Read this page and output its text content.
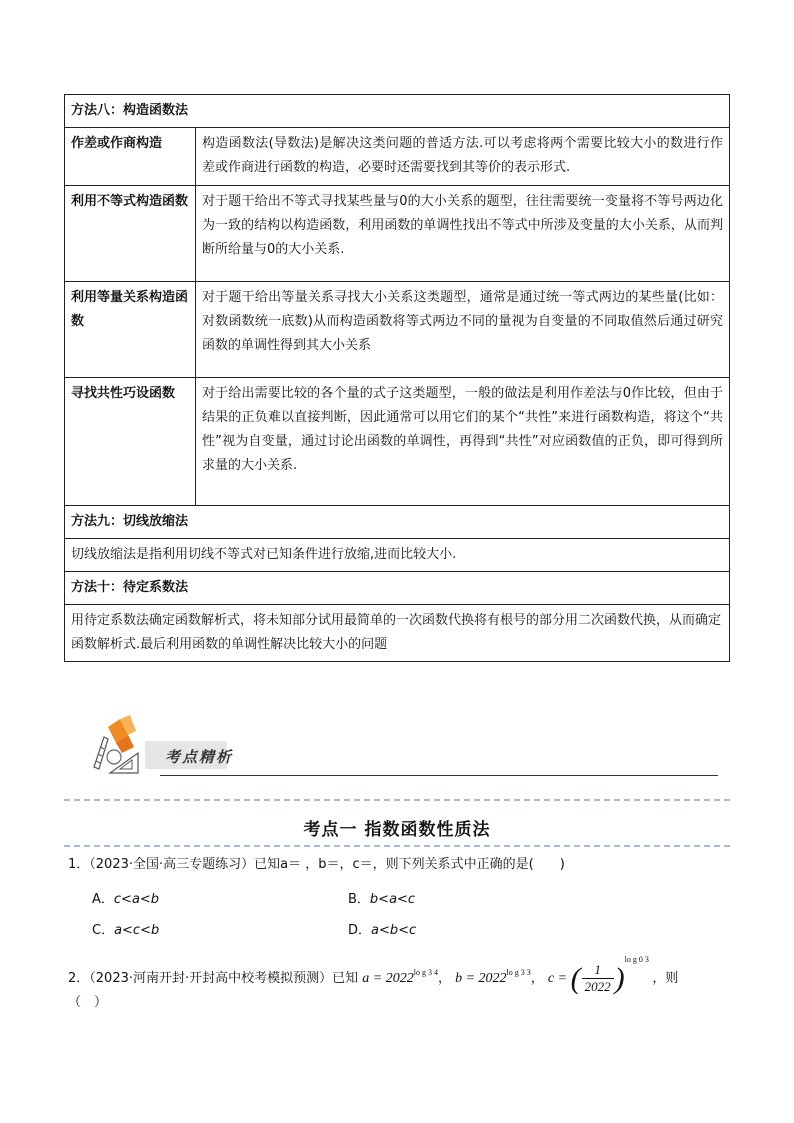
方法八：构造函数法	
作差或作商构造	构造函数法(导数法)是解决这类问题的普适方法.可以考虑将两个需要比较大小的数进行作差或作商进行函数的构造，必要时还需要找到其等价的表示形式.
利用不等式构造函数	对于题干给出不等式寻找某些量与0的大小关系的题型，往往需要统一变量将不等号两边化为一致的结构以构造函数，利用函数的单调性找出不等式中所涉及变量的大小关系，从而判断所给量与0的大小关系.
利用等量关系构造函数	对于题干给出等量关系寻找大小关系这类题型，通常是通过统一等式两边的某些量(比如：对数函数统一底数)从而构造函数将等式两边不同的量视为自变量的不同取值然后通过研究函数的单调性得到其大小关系
寻找共性巧设函数	对于给出需要比较的各个量的式子这类题型，一般的做法是利用作差法与0作比较，但由于结果的正负难以直接判断，因此通常可以用它们的某个“共性”来进行函数构造，将这个“共性”视为自变量，通过讨论出函数的单调性，再得到“共性”对应函数值的正负，即可得到所求量的大小关系.
方法九：切线放缩法	
切线放缩法是指利用切线不等式对已知条件进行放缩,进而比较大小.	
方法十：待定系数法	
用待定系数法确定函数解析式，将未知部分试用最简单的一次函数代换将有根号的部分用二次函数代换，从而确定函数解析式.最后利用函数的单调性解决比较大小的问题	
考点精析
考点一 指数函数性质法
1．（2023·全国·高三专题练习）已知a＝ ，b＝，c＝，则下列关系式中正确的是(　　)
A．c<a<b	B．b<a<c
C．a<c<b	D．a<b<c
2．（2023·河南开封·开封高中校考模拟预测）已知 $a = 2022^{lo g 3 4}$， $b = 2022^{lo g 3 3}$， c = ( $\frac{1}{2022} )^{lo g 0 3}$ ，则
（　）
